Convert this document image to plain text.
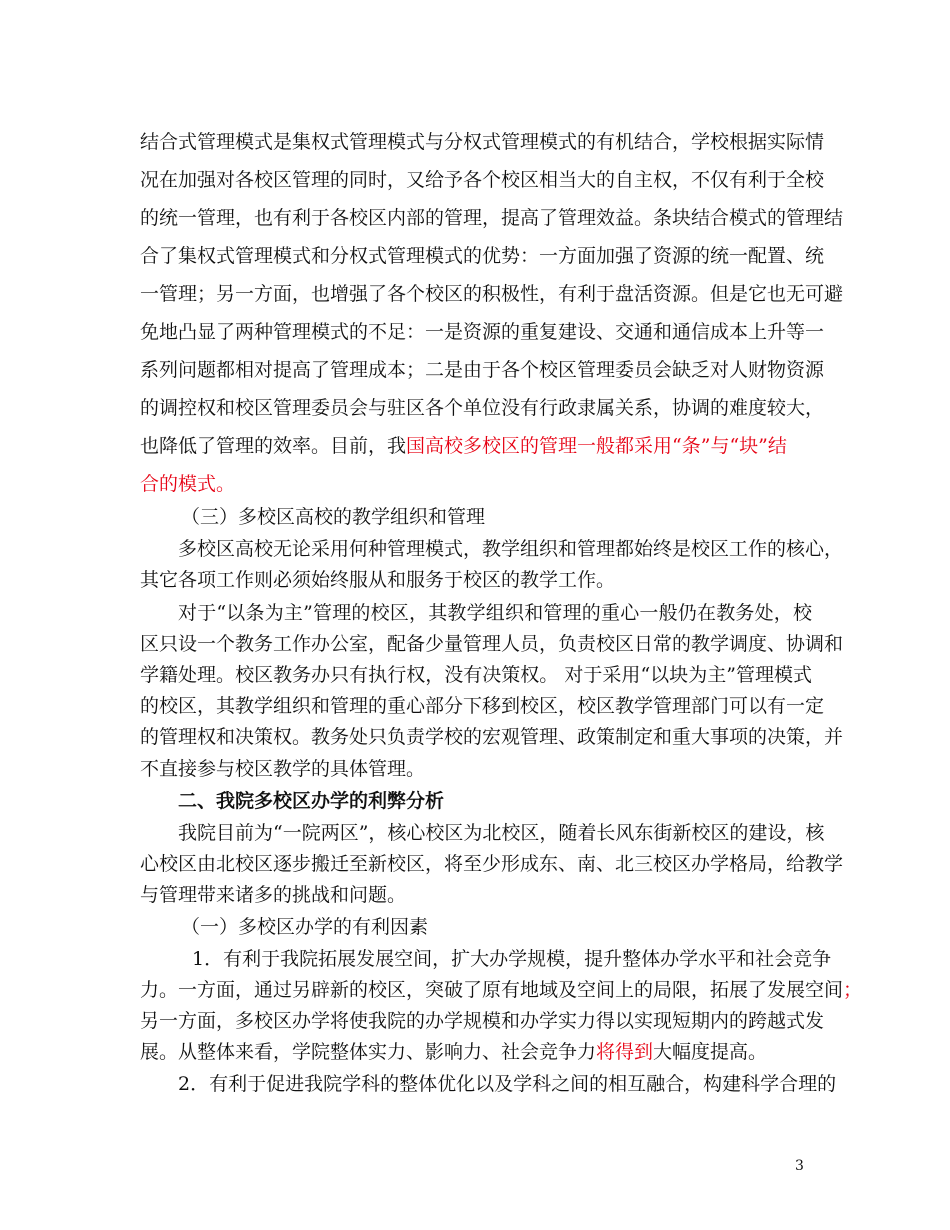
结合式管理模式是集权式管理模式与分权式管理模式的有机结合，学校根据实际情
况在加强对各校区管理的同时，又给予各个校区相当大的自主权，不仅有利于全校
的统一管理，也有利于各校区内部的管理，提高了管理效益。条块结合模式的管理结
合了集权式管理模式和分权式管理模式的优势：一方面加强了资源的统一配置、统
一管理；另一方面，也增强了各个校区的积极性，有利于盘活资源。但是它也无可避
免地凸显了两种管理模式的不足：一是资源的重复建设、交通和通信成本上升等一
系列问题都相对提高了管理成本；二是由于各个校区管理委员会缺乏对人财物资源
的调控权和校区管理委员会与驻区各个单位没有行政隶属关系，协调的难度较大，
也降低了管理的效率。目前，我国高校多校区的管理一般都采用“条”与“块”结
合的模式。
（三）多校区高校的教学组织和管理
多校区高校无论采用何种管理模式，教学组织和管理都始终是校区工作的核心，
其它各项工作则必须始终服从和服务于校区的教学工作。
对于“以条为主”管理的校区，其教学组织和管理的重心一般仍在教务处，校
区只设一个教务工作办公室，配备少量管理人员，负责校区日常的教学调度、协调和
学籍处理。校区教务办只有执行权，没有决策权。 对于采用“以块为主”管理模式
的校区，其教学组织和管理的重心部分下移到校区，校区教学管理部门可以有一定
的管理权和决策权。教务处只负责学校的宏观管理、政策制定和重大事项的决策，并
不直接参与校区教学的具体管理。
二、我院多校区办学的利弊分析
我院目前为“一院两区”，核心校区为北校区，随着长风东街新校区的建设，核
心校区由北校区逐步搬迁至新校区，将至少形成东、南、北三校区办学格局，给教学
与管理带来诸多的挑战和问题。
（一）多校区办学的有利因素
1．有利于我院拓展发展空间，扩大办学规模，提升整体办学水平和社会竞争
力。一方面，通过另辟新的校区，突破了原有地域及空间上的局限，拓展了发展空间；
另一方面，多校区办学将使我院的办学规模和办学实力得以实现短期内的跨越式发
展。从整体来看，学院整体实力、影响力、社会竞争力将得到大幅度提高。
2．有利于促进我院学科的整体优化以及学科之间的相互融合，构建科学合理的
3
